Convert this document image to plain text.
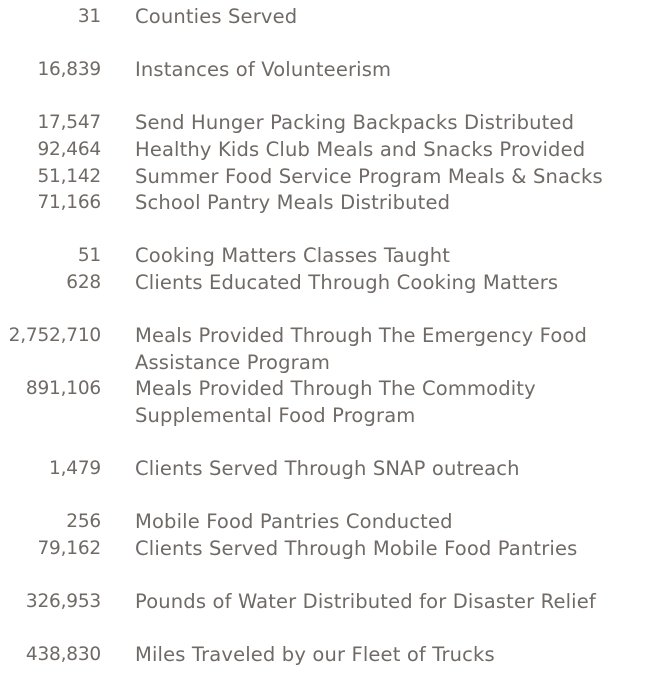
31 Counties Served
16,839 Instances of Volunteerism
17,547 Send Hunger Packing Backpacks Distributed
92,464 Healthy Kids Club Meals and Snacks Provided
51,142 Summer Food Service Program Meals & Snacks
71,166 School Pantry Meals Distributed
51 Cooking Matters Classes Taught
628 Clients Educated Through Cooking Matters
2,752,710 Meals Provided Through The Emergency Food
Assistance Program
891,106 Meals Provided Through The Commodity
Supplemental Food Program
1,479 Clients Served Through SNAP outreach
256 Mobile Food Pantries Conducted
79,162 Clients Served Through Mobile Food Pantries
326,953 Pounds of Water Distributed for Disaster Relief
438,830 Miles Traveled by our Fleet of Trucks
